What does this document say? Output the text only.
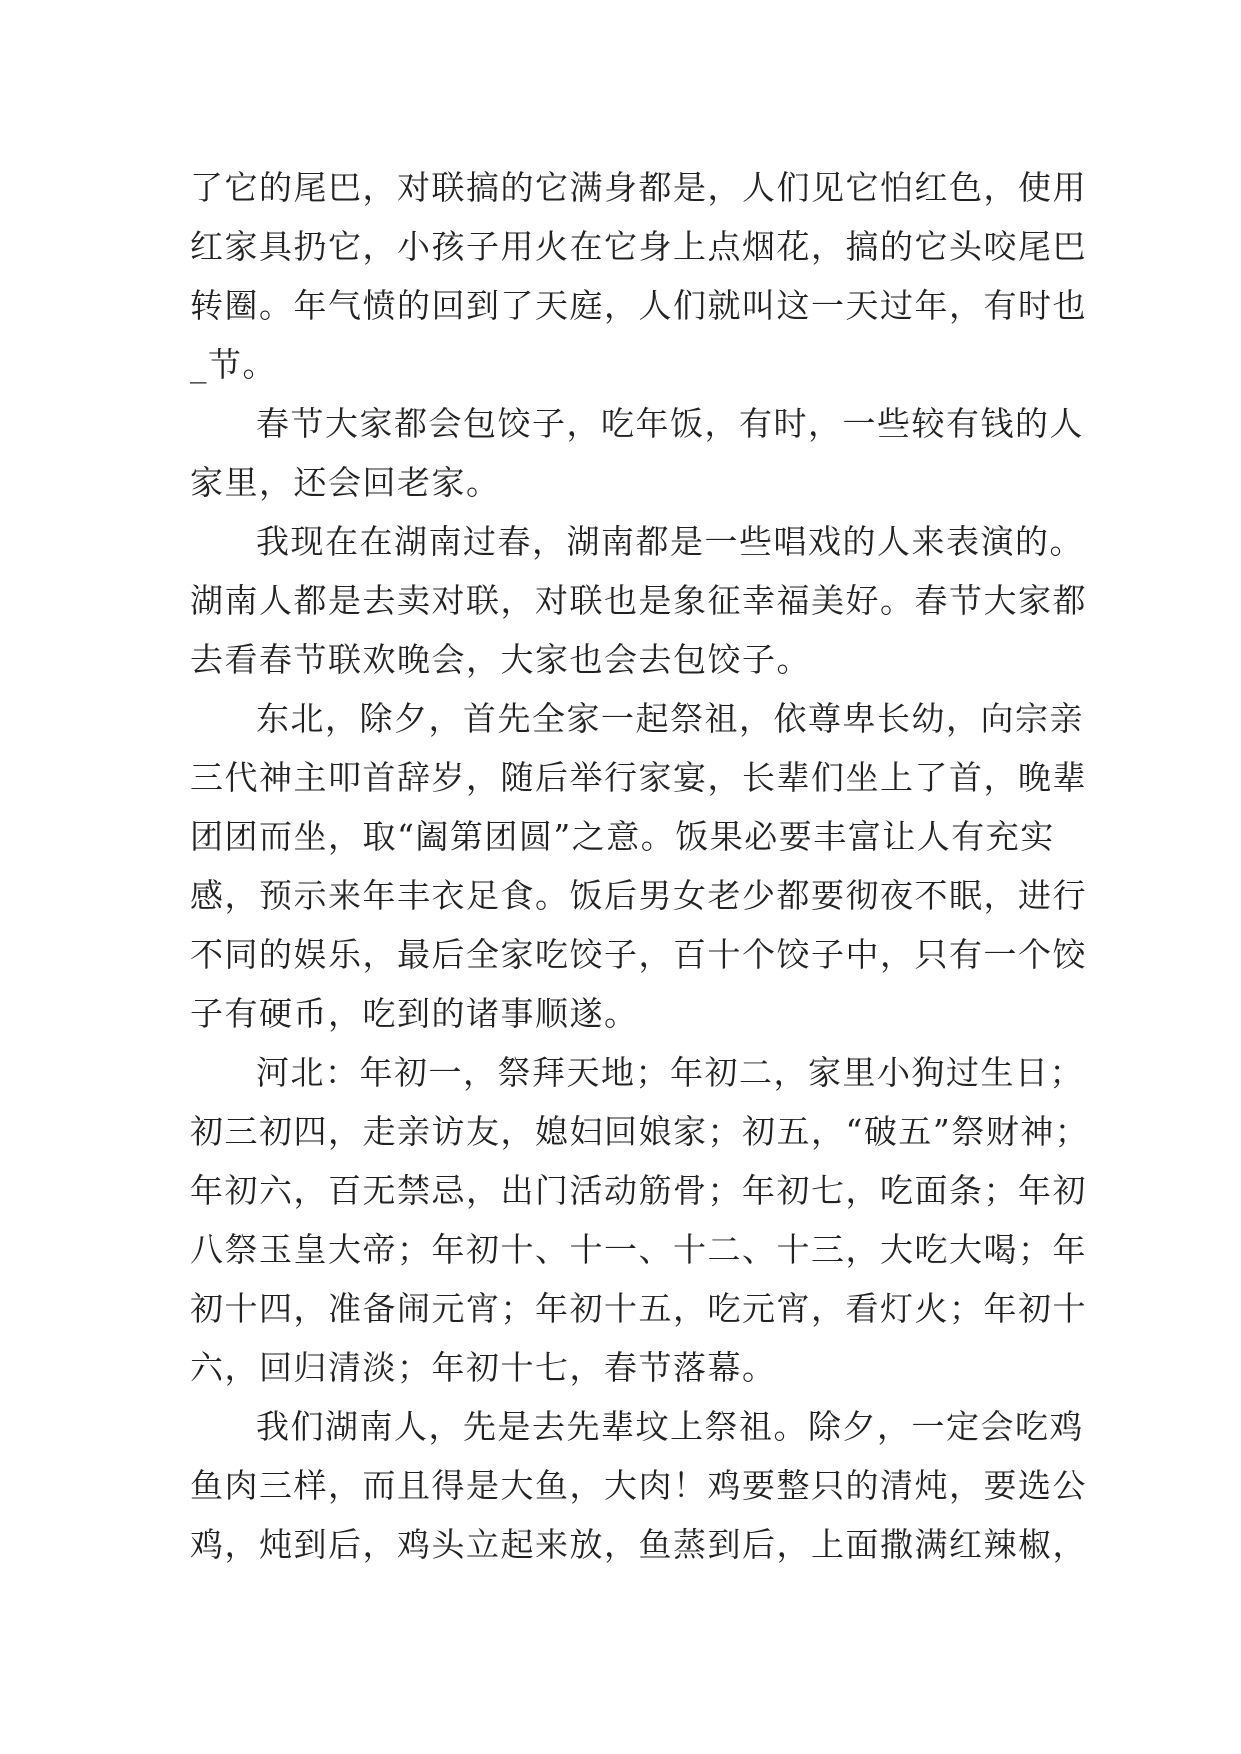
了它的尾巴，对联搞的它满身都是，人们见它怕红色，使用
红家具扔它，小孩子用火在它身上点烟花，搞的它头咬尾巴
转圈。年气愤的回到了天庭，人们就叫这一天过年，有时也
_节。
春节大家都会包饺子，吃年饭，有时，一些较有钱的人
家里，还会回老家。
我现在在湖南过春，湖南都是一些唱戏的人来表演的。
湖南人都是去卖对联，对联也是象征幸福美好。春节大家都
去看春节联欢晚会，大家也会去包饺子。
东北，除夕，首先全家一起祭祖，依尊卑长幼，向宗亲
三代神主叩首辞岁，随后举行家宴，长辈们坐上了首，晚辈
团团而坐，取“阖第团圆”之意。饭果必要丰富让人有充实
感，预示来年丰衣足食。饭后男女老少都要彻夜不眠，进行
不同的娱乐，最后全家吃饺子，百十个饺子中，只有一个饺
子有硬币，吃到的诸事顺遂。
河北：年初一，祭拜天地；年初二，家里小狗过生日；
初三初四，走亲访友，媳妇回娘家；初五，“破五”祭财神；
年初六，百无禁忌，出门活动筋骨；年初七，吃面条；年初
八祭玉皇大帝；年初十、十一、十二、十三，大吃大喝；年
初十四，准备闹元宵；年初十五，吃元宵，看灯火；年初十
六，回归清淡；年初十七，春节落幕。
我们湖南人，先是去先辈坟上祭祖。除夕，一定会吃鸡
鱼肉三样，而且得是大鱼，大肉！鸡要整只的清炖，要选公
鸡，炖到后，鸡头立起来放，鱼蒸到后，上面撒满红辣椒，
